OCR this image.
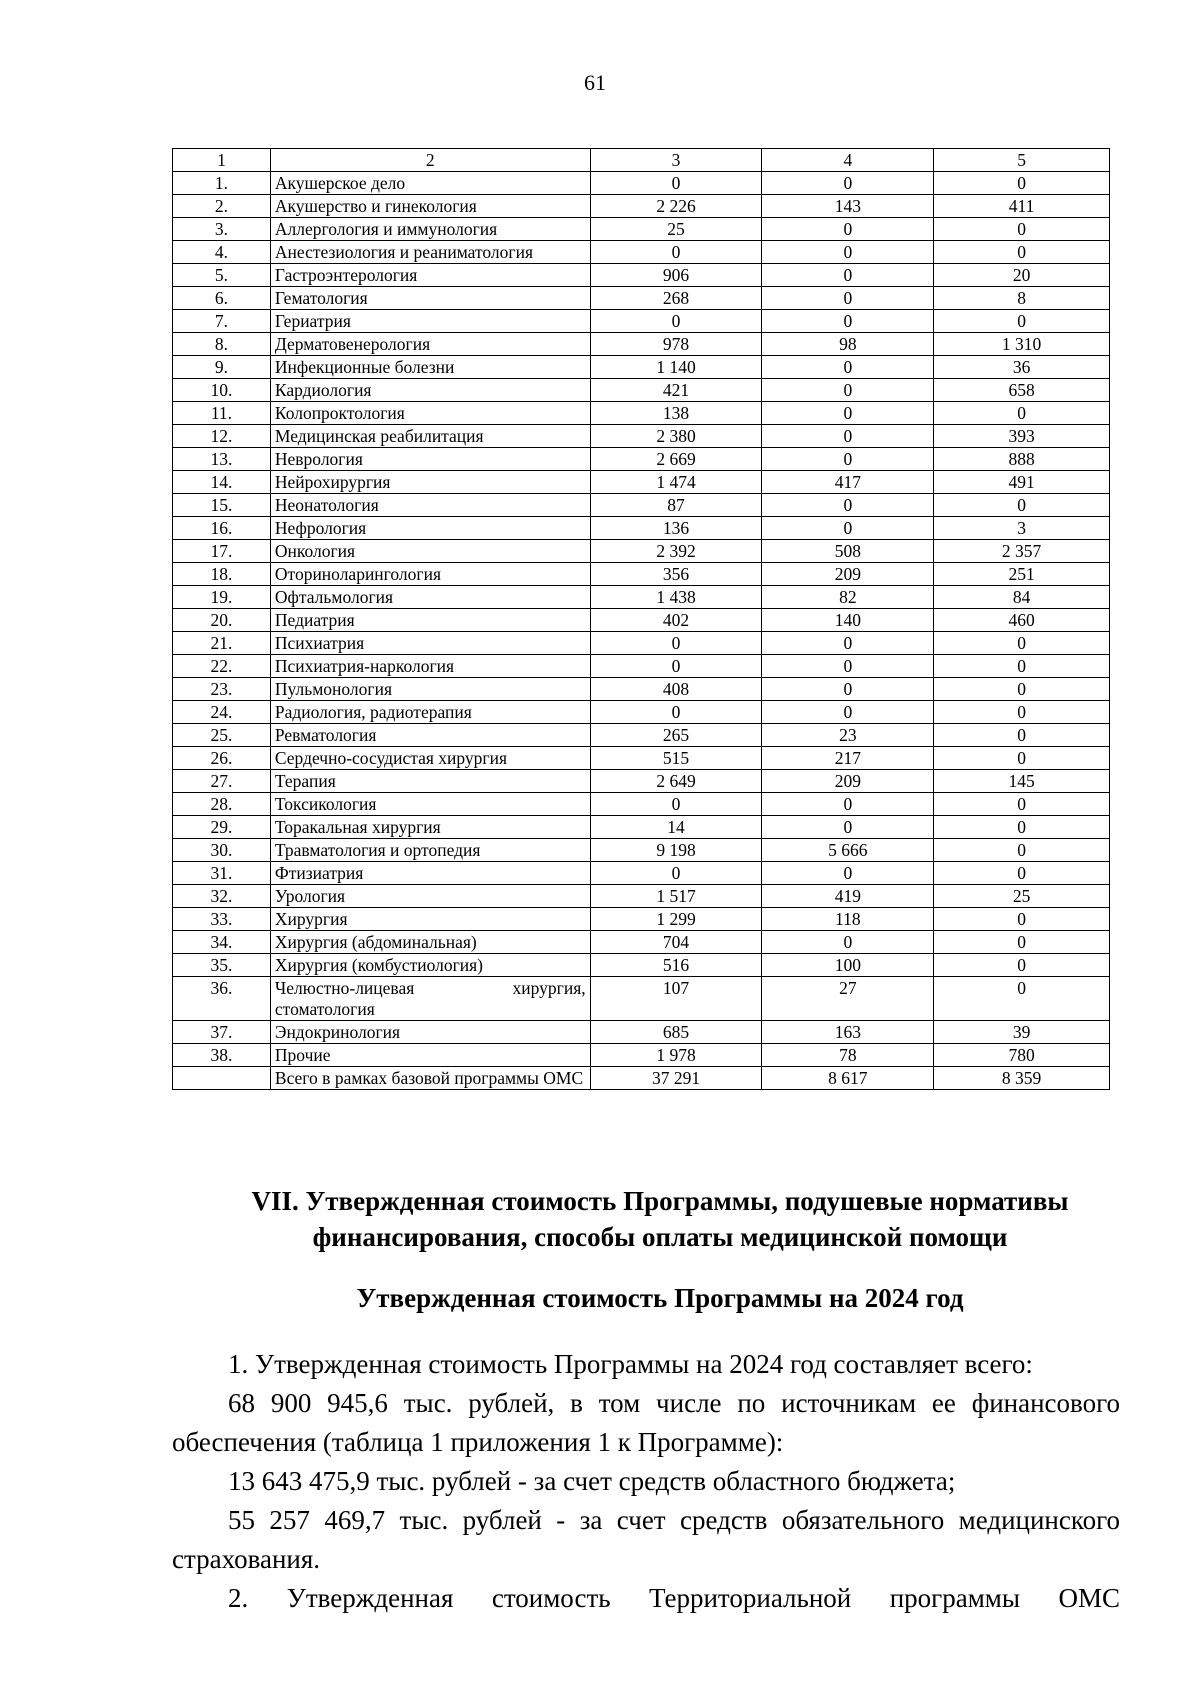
61
1	2	3	4	5
1.	Акушерское дело	0	0	0
2.	Акушерство и гинекология	2 226	143	411
3.	Аллергология и иммунология	25	0	0
4.	Анестезиология и реаниматология	0	0	0
5.	Гастроэнтерология	906	0	20
6.	Гематология	268	0	8
7.	Гериатрия	0	0	0
8.	Дерматовенерология	978	98	1 310
9.	Инфекционные болезни	1 140	0	36
10.	Кардиология	421	0	658
11.	Колопроктология	138	0	0
12.	Медицинская реабилитация	2 380	0	393
13.	Неврология	2 669	0	888
14.	Нейрохирургия	1 474	417	491
15.	Неонатология	87	0	0
16.	Нефрология	136	0	3
17.	Онкология	2 392	508	2 357
18.	Оториноларингология	356	209	251
19.	Офтальмология	1 438	82	84
20.	Педиатрия	402	140	460
21.	Психиатрия	0	0	0
22.	Психиатрия-наркология	0	0	0
23.	Пульмонология	408	0	0
24.	Радиология, радиотерапия	0	0	0
25.	Ревматология	265	23	0
26.	Сердечно-сосудистая хирургия	515	217	0
27.	Терапия	2 649	209	145
28.	Токсикология	0	0	0
29.	Торакальная хирургия	14	0	0
30.	Травматология и ортопедия	9 198	5 666	0
31.	Фтизиатрия	0	0	0
32.	Урология	1 517	419	25
33.	Хирургия	1 299	118	0
34.	Хирургия (абдоминальная)	704	0	0
35.	Хирургия (комбустиология)	516	100	0
36.	Челюстно-лицевая хирургия, стоматология	107	27	0
37.	Эндокринология	685	163	39
38.	Прочие	1 978	78	780
	Всего в рамках базовой программы ОМС	37 291	8 617	8 359
VII. Утвержденная стоимость Программы, подушевые нормативы финансирования, способы оплаты медицинской помощи
Утвержденная стоимость Программы на 2024 год

1. Утвержденная стоимость Программы на 2024 год составляет всего:

68 900 945,6 тыс. рублей, в том числе по источникам ее финансового обеспечения (таблица 1 приложения 1 к Программе):

13 643 475,9 тыс. рублей - за счет средств областного бюджета;

55 257 469,7 тыс. рублей - за счет средств обязательного медицинского страхования.

2. Утвержденная стоимость Территориальной программы ОМС
